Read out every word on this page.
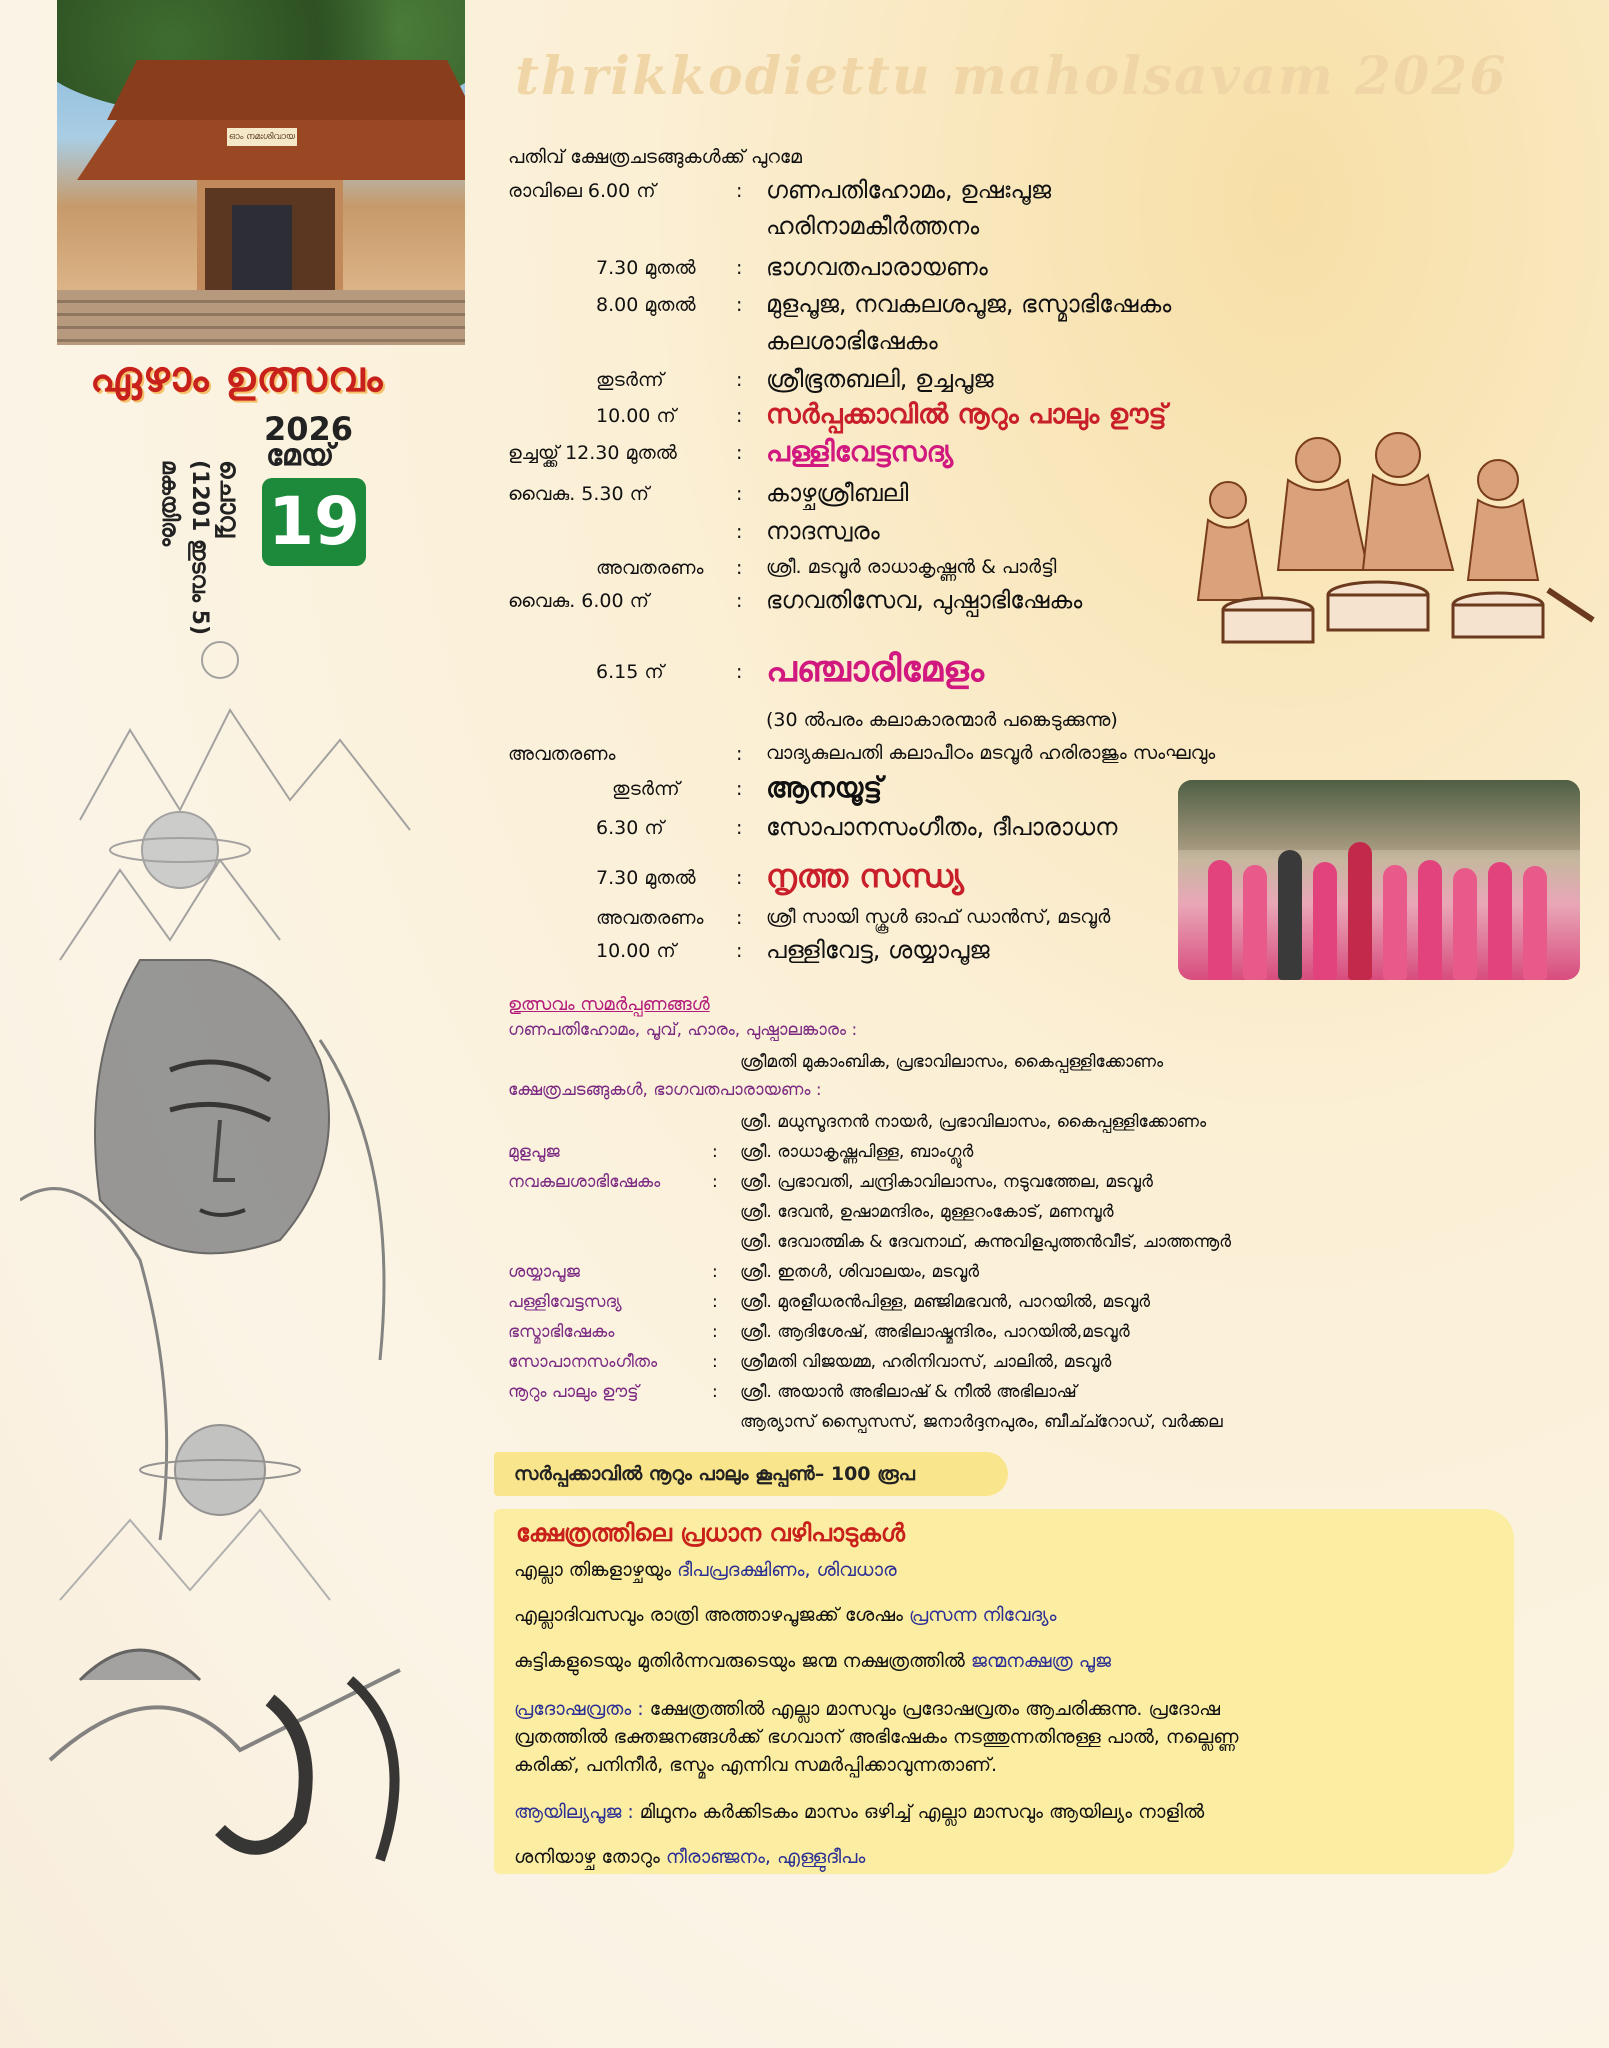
ഓം നമഃശിവായ
ഏഴാം ഉത്സവം
ചൊവ്വ
(1201 ഇടവം 5)
മകയിരം
2026
മേയ്
19
thrikkodiettu maholsavam 2026
പതിവ് ക്ഷേത്രചടങ്ങുകൾക്ക് പുറമേ
രാവിലെ 6.00 ന്	: ഗണപതിഹോമം, ഉഷഃപൂജ
ഹരിനാമകീർത്തനം
7.30 മുതൽ : ഭാഗവതപാരായണം
8.00 മുതൽ : മുളപൂജ, നവകലശപൂജ, ഭസ്മാഭിഷേകം
കലശാഭിഷേകം
തുടർന്ന്	: ശ്രീഭൂതബലി, ഉച്ചപൂജ
10.00 ന്	: സർപ്പക്കാവിൽ നൂറും പാലും ഊട്ട്
ഉച്ചയ്ക്ക് 12.30 മുതൽ	: പള്ളിവേട്ടസദ്യ
വൈകു. 5.30 ന്	: കാഴ്ചശ്രീബലി
: നാദസ്വരം
അവതരണം : ശ്രീ. മടവൂർ രാധാകൃഷ്ണൻ & പാർട്ടി
വൈകു. 6.00 ന്	: ഭഗവതിസേവ, പുഷ്പാഭിഷേകം
6.15 ന്	: പഞ്ചാരിമേളം
(30 ൽപരം കലാകാരന്മാർ പങ്കെടുക്കുന്നു)
അവതരണം	: വാദ്യകുലപതി കലാപീഠം മടവൂർ ഹരിരാജും സംഘവും
തുടർന്ന്	: ആനയൂട്ട്
6.30 ന്	: സോപാനസംഗീതം, ദീപാരാധന
7.30 മുതൽ : നൃത്ത സന്ധ്യ
അവതരണം : ശ്രീ സായി സ്കൂൾ ഓഫ് ഡാൻസ്, മടവൂർ
10.00 ന്	: പള്ളിവേട്ട, ശയ്യാപൂജ
ഉത്സവം സമർപ്പണങ്ങൾ
ഗണപതിഹോമം, പൂവ്, ഹാരം, പുഷ്പാലങ്കാരം :
ശ്രീമതി മുകാംബിക, പ്രഭാവിലാസം, കൈപ്പള്ളിക്കോണം
ക്ഷേത്രചടങ്ങുകൾ, ഭാഗവതപാരായണം :
ശ്രീ. മധുസൂദനൻ നായർ, പ്രഭാവിലാസം, കൈപ്പള്ളിക്കോണം
മുളപൂജ	: ശ്രീ. രാധാകൃഷ്ണപിള്ള, ബാംഗ്ലൂർ
നവകലശാഭിഷേകം	: ശ്രീ. പ്രഭാവതി, ചന്ദ്രികാവിലാസം, നടുവത്തേല, മടവൂർ
ശ്രീ. ദേവൻ, ഉഷാമന്ദിരം, മുള്ളറംകോട്, മണമ്പൂർ
ശ്രീ. ദേവാത്മിക & ദേവനാഥ്, കുന്നുവിളപുത്തൻവീട്, ചാത്തന്നൂർ
ശയ്യാപൂജ	: ശ്രീ. ഇതൾ, ശിവാലയം, മടവൂർ
പള്ളിവേട്ടസദ്യ	: ശ്രീ. മുരളീധരൻപിള്ള, മഞ്ജിമഭവൻ, പാറയിൽ, മടവൂർ
ഭസ്മാഭിഷേകം	: ശ്രീ. ആദിശേഷ്, അഭിലാഷ്മന്ദിരം, പാറയിൽ,മടവൂർ
സോപാനസംഗീതം	: ശ്രീമതി വിജയമ്മ, ഹരിനിവാസ്, ചാലിൽ, മടവൂർ
നൂറും പാലും ഊട്ട്	: ശ്രീ. അയാൻ അഭിലാഷ് & നീൽ അഭിലാഷ്
ആര്യാസ് സ്പൈസസ്, ജനാർദ്ദനപുരം, ബീച്ച്റോഡ്, വർക്കല
സർപ്പക്കാവിൽ നൂറും പാലും കൂപ്പൺ– 100 രൂപ
ക്ഷേത്രത്തിലെ പ്രധാന വഴിപാടുകൾ
എല്ലാ തിങ്കളാഴ്ചയും ദീപപ്രദക്ഷിണം, ശിവധാര
എല്ലാദിവസവും രാത്രി അത്താഴപൂജക്ക് ശേഷം പ്രസന്ന നിവേദ്യം
കുട്ടികളുടെയും മുതിർന്നവരുടെയും ജന്മ നക്ഷത്രത്തിൽ ജന്മനക്ഷത്ര പൂജ
പ്രദോഷവ്രതം : ക്ഷേത്രത്തിൽ എല്ലാ മാസവും പ്രദോഷവ്രതം ആചരിക്കുന്നു. പ്രദോഷ
വ്രതത്തിൽ ഭക്തജനങ്ങൾക്ക് ഭഗവാന് അഭിഷേകം നടത്തുന്നതിനുള്ള പാൽ, നല്ലെണ്ണ
കരിക്ക്, പനിനീർ, ഭസ്മം എന്നിവ സമർപ്പിക്കാവുന്നതാണ്.
ആയില്യപൂജ : മിഥുനം കർക്കിടകം മാസം ഒഴിച്ച് എല്ലാ മാസവും ആയില്യം നാളിൽ
ശനിയാഴ്ച തോറും നീരാഞ്ജനം, എള്ളുദീപം
